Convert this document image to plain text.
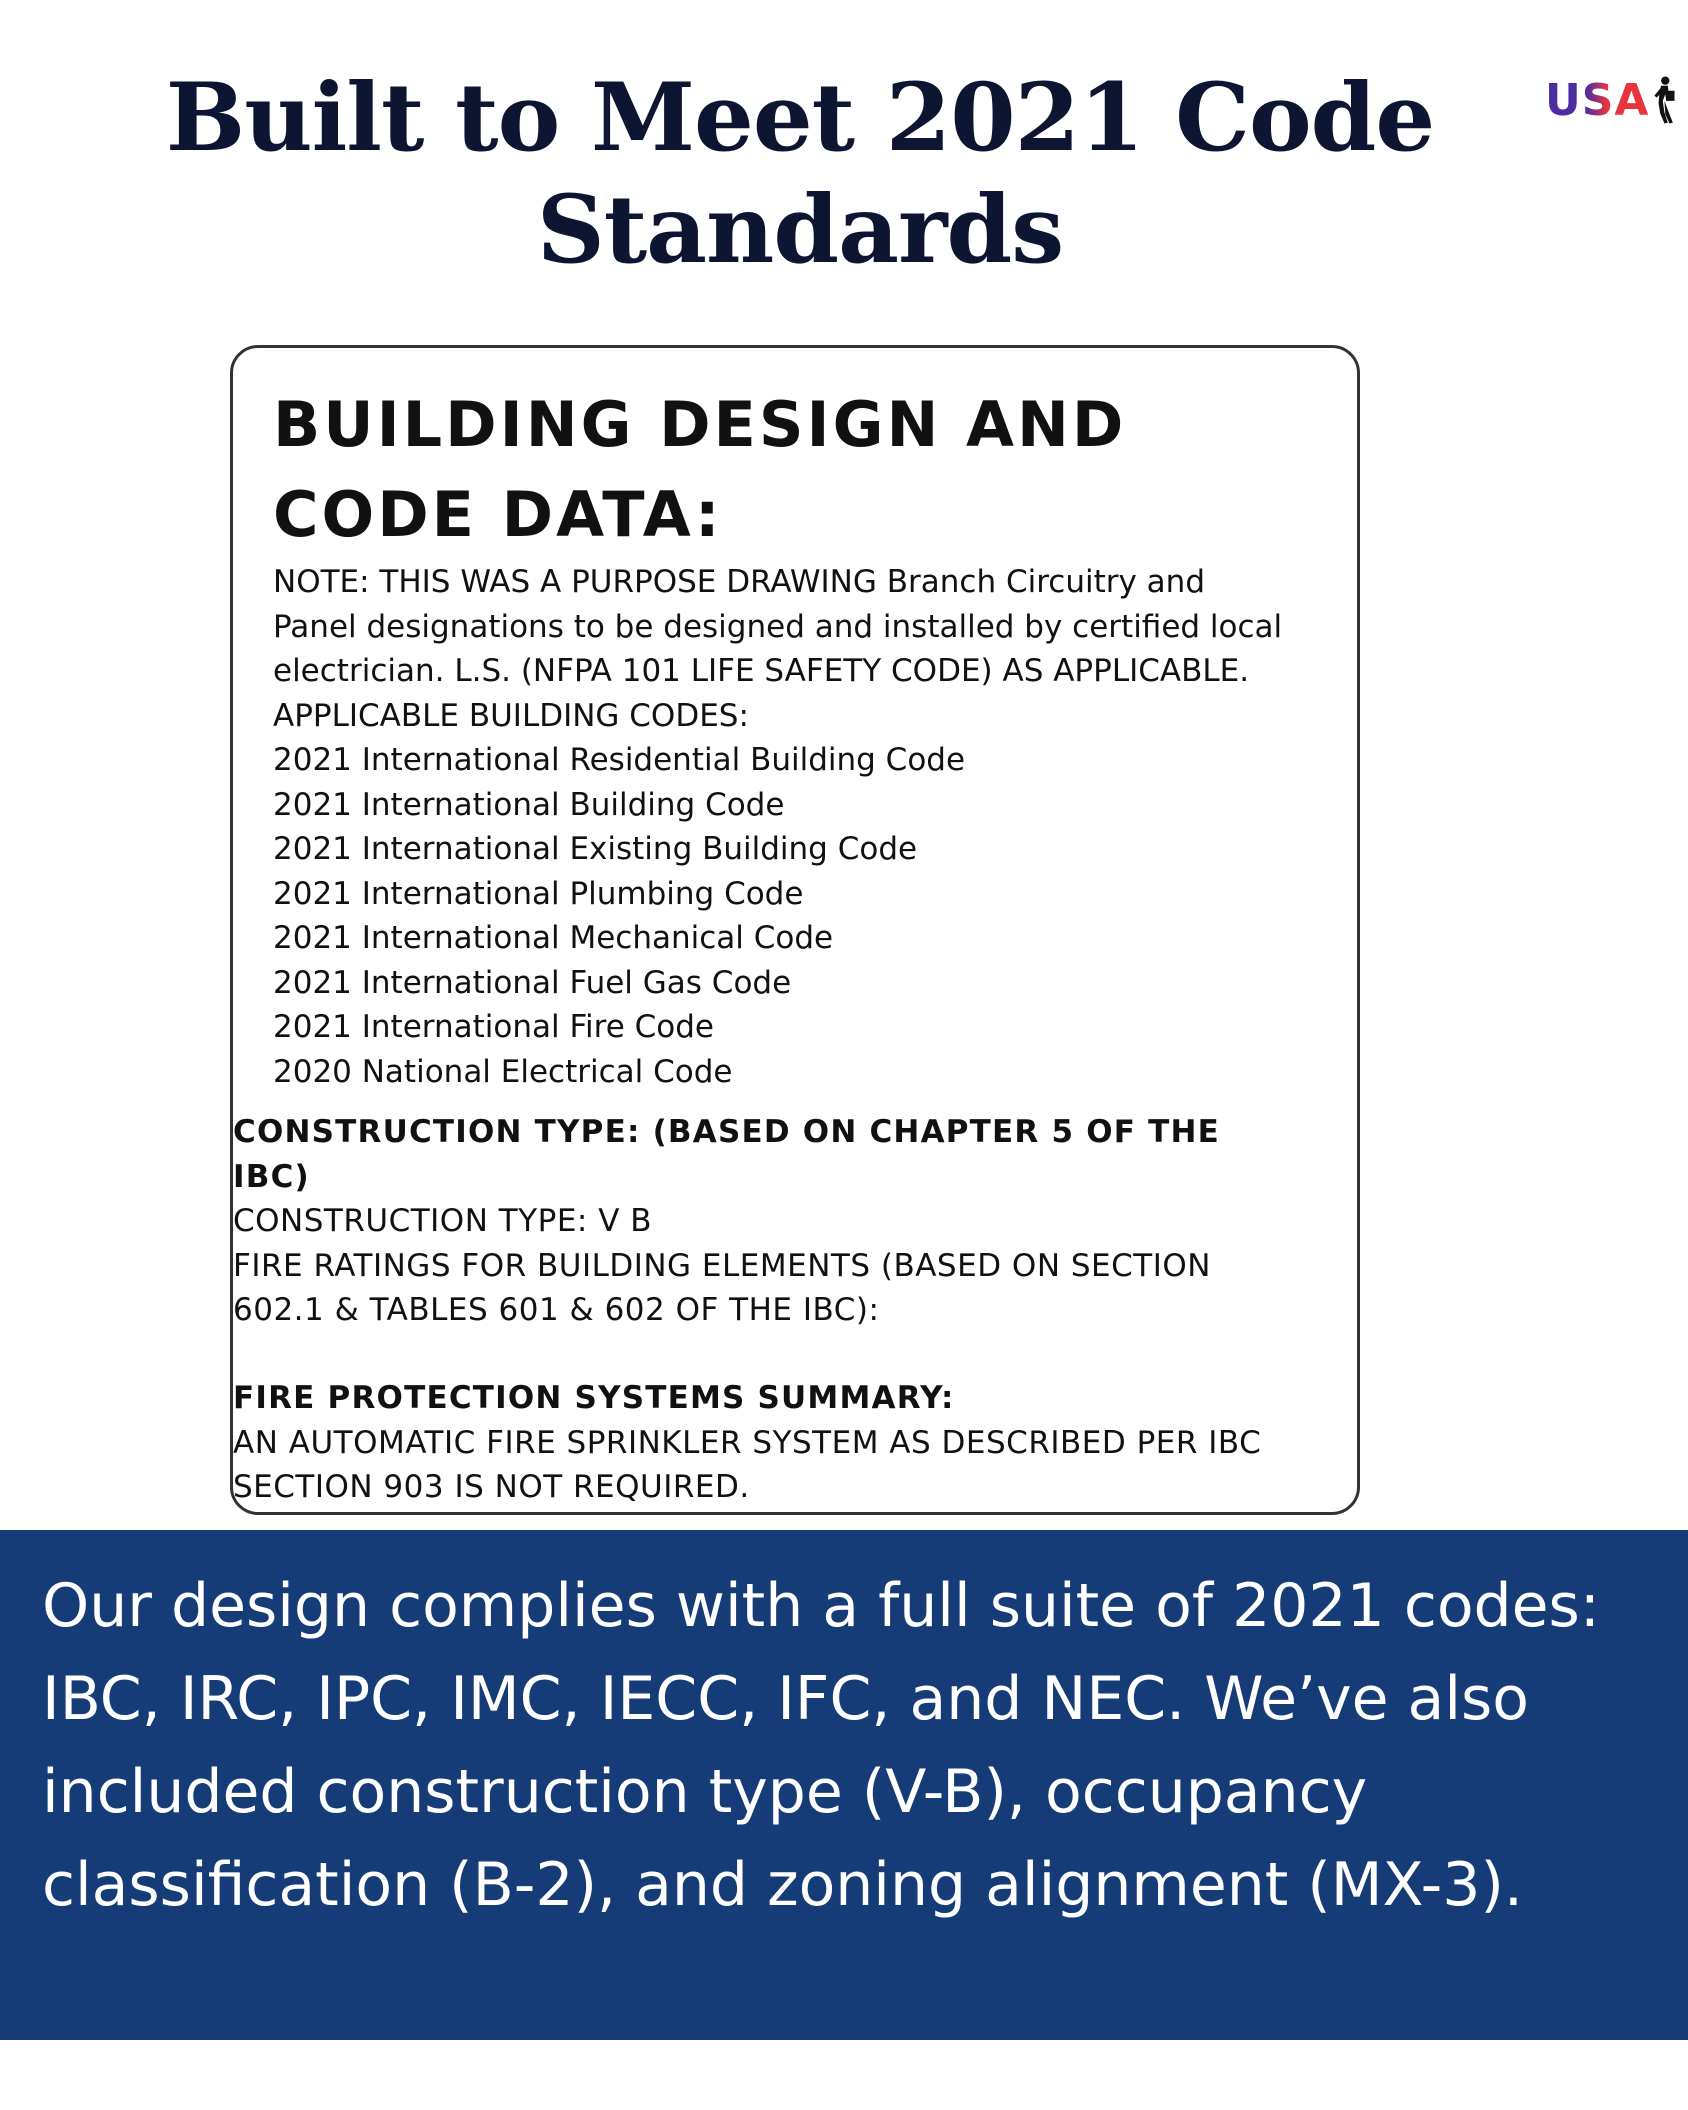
Built to Meet 2021 Code
Standards
USA
BUILDING DESIGN AND
CODE DATA:
NOTE: THIS WAS A PURPOSE DRAWING Branch Circuitry and
Panel designations to be designed and installed by certified local
electrician. L.S. (NFPA 101 LIFE SAFETY CODE) AS APPLICABLE.
APPLICABLE BUILDING CODES:
2021 International Residential Building Code
2021 International Building Code
2021 International Existing Building Code
2021 International Plumbing Code
2021 International Mechanical Code
2021 International Fuel Gas Code
2021 International Fire Code
2020 National Electrical Code
CONSTRUCTION TYPE: (BASED ON CHAPTER 5 OF THE
IBC)
CONSTRUCTION TYPE: V B
FIRE RATINGS FOR BUILDING ELEMENTS (BASED ON SECTION
602.1 & TABLES 601 & 602 OF THE IBC):
FIRE PROTECTION SYSTEMS SUMMARY:
AN AUTOMATIC FIRE SPRINKLER SYSTEM AS DESCRIBED PER IBC
SECTION 903 IS NOT REQUIRED.

Our design complies with a full suite of 2021 codes:
IBC, IRC, IPC, IMC, IECC, IFC, and NEC. We’ve also
included construction type (V-B), occupancy
classification (B-2), and zoning alignment (MX-3).
